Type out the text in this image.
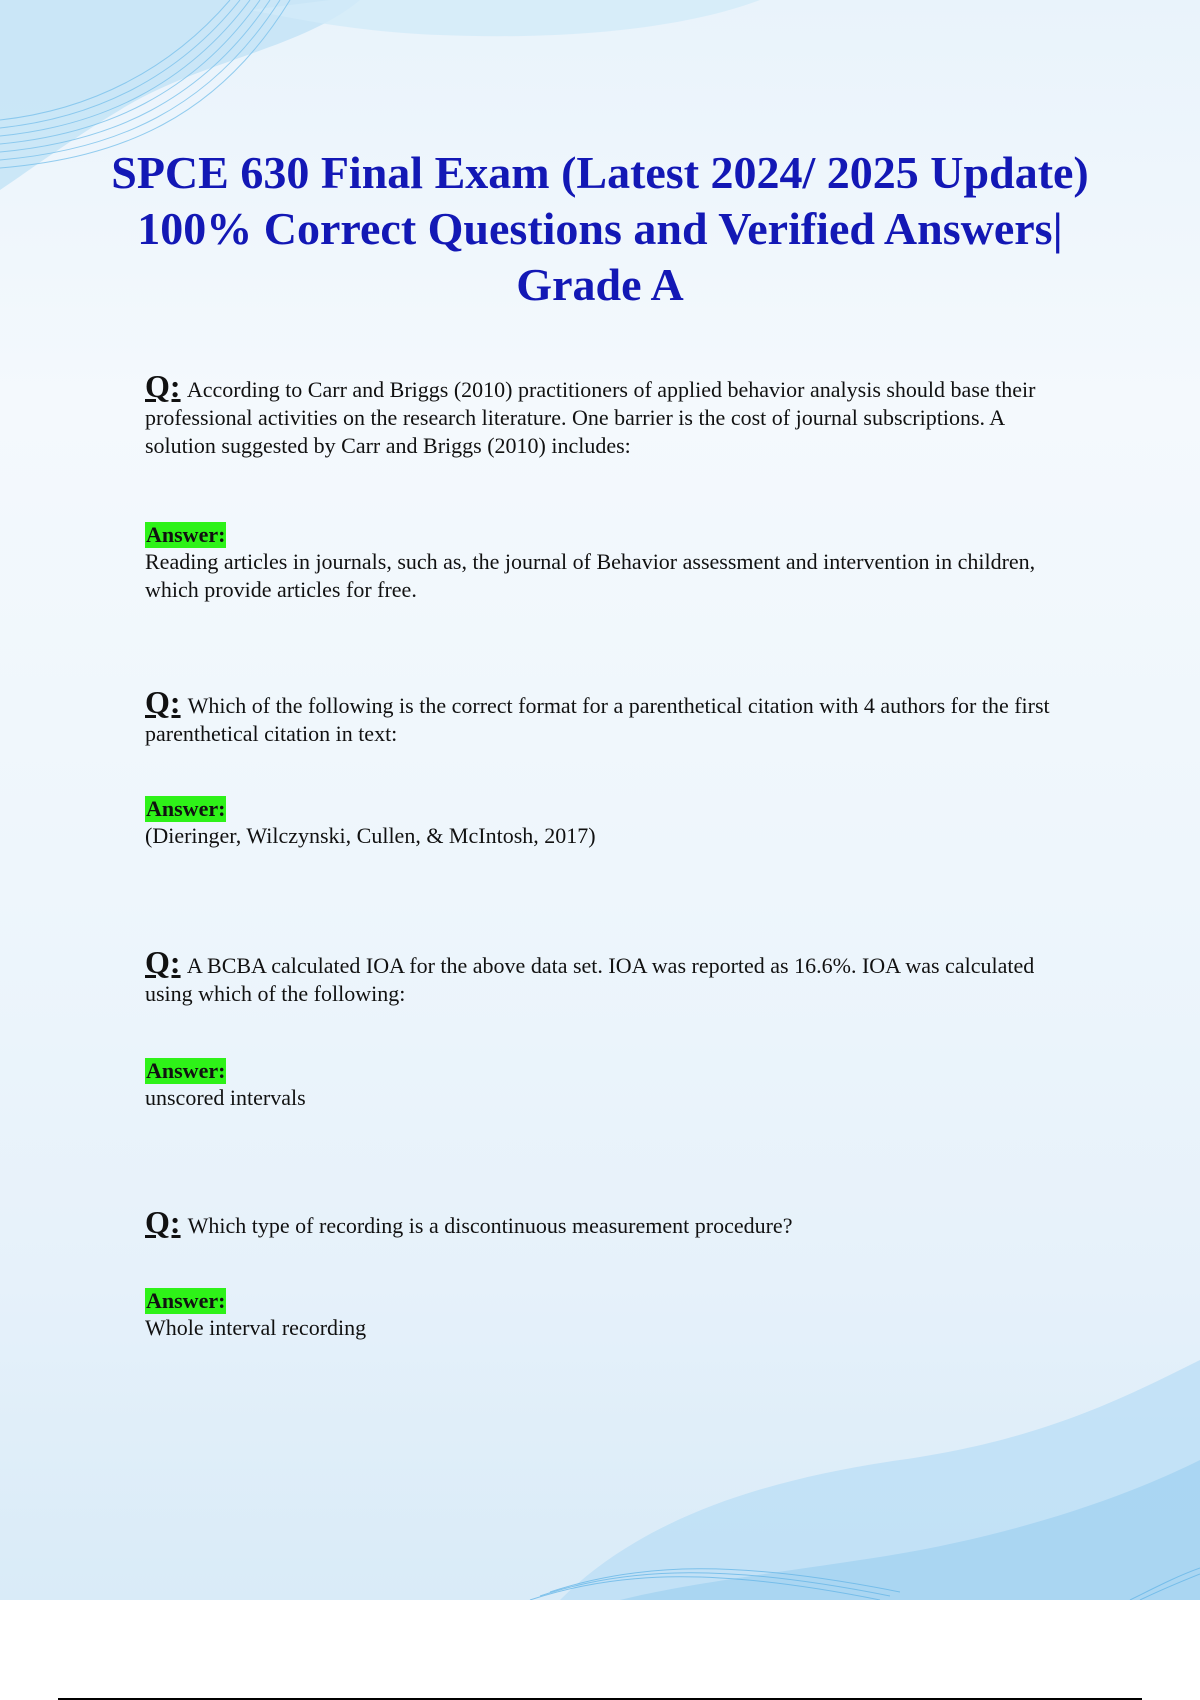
SPCE 630 Final Exam (Latest 2024/ 2025 Update) 100% Correct Questions and Verified Answers| Grade A

Q: According to Carr and Briggs (2010) practitioners of applied behavior analysis should base their professional activities on the research literature. One barrier is the cost of journal subscriptions. A solution suggested by Carr and Briggs (2010) includes:

Answer:

Reading articles in journals, such as, the journal of Behavior assessment and intervention in children, which provide articles for free.

Q: Which of the following is the correct format for a parenthetical citation with 4 authors for the first parenthetical citation in text:

Answer:

(Dieringer, Wilczynski, Cullen, & McIntosh, 2017)

Q: A BCBA calculated IOA for the above data set. IOA was reported as 16.6%. IOA was calculated using which of the following:

Answer:

unscored intervals

Q: Which type of recording is a discontinuous measurement procedure?

Answer:

Whole interval recording
